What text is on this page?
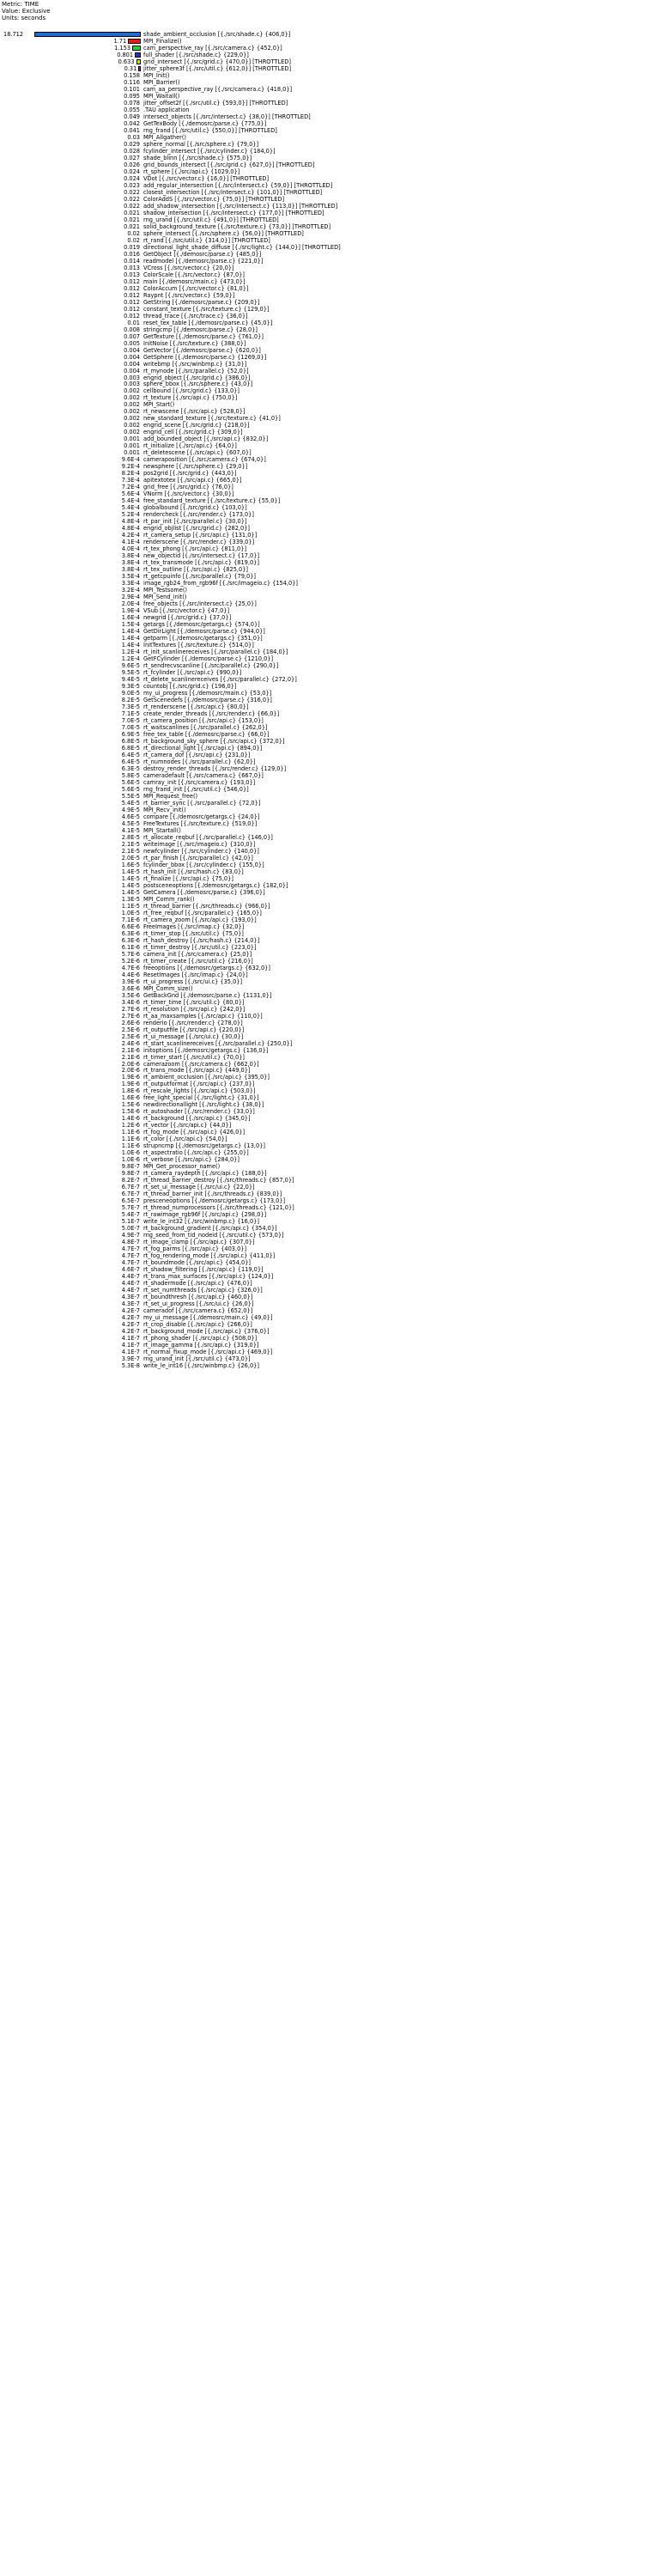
Metric: TIME
Value: Exclusive
Units: seconds
18.712	shade_ambient_occlusion [{./src/shade.c} {406,0}]
1.71	MPI_Finalize()
1.153 cam_perspective_ray [{./src/camera.c} {452,0}]
0.801 full_shader [{./src/shade.c} {229,0}]
0.633 grid_intersect [{./src/grid.c} {470,0}] [THROTTLED]
0.31 jitter_sphere3f [{./src/util.c} {612,0}] [THROTTLED]
0.158 MPI_Init()
0.116 MPI_Barrier()
0.101 cam_aa_perspective_ray [{./src/camera.c} {418,0}]
0.095 MPI_Waitall()
0.078 jitter_offset2f [{./src/util.c} {593,0}] [THROTTLED]
0.055 .TAU application
0.049 intersect_objects [{./src/intersect.c} {38,0}] [THROTTLED]
0.042 GetTexBody [{./demosrc/parse.c} {775,0}]
0.041 rng_frand [{./src/util.c} {550,0}] [THROTTLED]
0.03 MPI_Allgather()
0.029 sphere_normal [{./src/sphere.c} {79,0}]
0.028 fcylinder_intersect [{./src/cylinder.c} {184,0}]
0.027 shade_blinn [{./src/shade.c} {575,0}]
0.026 grid_bounds_intersect [{./src/grid.c} {627,0}] [THROTTLED]
0.024 rt_sphere [{./src/api.c} {1029,0}]
0.024 VDot [{./src/vector.c} {16,0}] [THROTTLED]
0.023 add_regular_intersection [{./src/intersect.c} {59,0}] [THROTTLED]
0.022 closest_intersection [{./src/intersect.c} {101,0}] [THROTTLED]
0.022 ColorAddS [{./src/vector.c} {75,0}] [THROTTLED]
0.022 add_shadow_intersection [{./src/intersect.c} {113,0}] [THROTTLED]
0.021 shadow_intersection [{./src/intersect.c} {177,0}] [THROTTLED]
0.021 rng_urand [{./src/util.c} {491,0}] [THROTTLED]
0.021 solid_background_texture [{./src/texture.c} {73,0}] [THROTTLED]
0.02 sphere_intersect [{./src/sphere.c} {56,0}] [THROTTLED]
0.02 rt_rand [{./src/util.c} {314,0}] [THROTTLED]
0.019 directional_light_shade_diffuse [{./src/light.c} {144,0}] [THROTTLED]
0.016 GetObject [{./demosrc/parse.c} {485,0}]
0.014 readmodel [{./demosrc/parse.c} {221,0}]
0.013 VCross [{./src/vector.c} {20,0}]
0.013 ColorScale [{./src/vector.c} {87,0}]
0.012 main [{./demosrc/main.c} {473,0}]
0.012 ColorAccum [{./src/vector.c} {81,0}]
0.012 Raypnt [{./src/vector.c} {59,0}]
0.012 GetString [{./demosrc/parse.c} {209,0}]
0.012 constant_texture [{./src/texture.c} {129,0}]
0.012 thread_trace [{./src/trace.c} {36,0}]
0.01 reset_tex_table [{./demosrc/parse.c} {45,0}]
0.008 stringcmp [{./demosrc/parse.c} {28,0}]
0.007 GetTexture [{./demosrc/parse.c} {761,0}]
0.005 InitNoise [{./src/texture.c} {388,0}]
0.004 GetVector [{./demosrc/parse.c} {620,0}]
0.004 GetSphere [{./demosrc/parse.c} {1269,0}]
0.004 writebmp [{./src/winbmp.c} {31,0}]
0.004 rt_mynode [{./src/parallel.c} {52,0}]
0.003 engrid_object [{./src/grid.c} {386,0}]
0.003 sphere_bbox [{./src/sphere.c} {43,0}]
0.002 cellbound [{./src/grid.c} {133,0}]
0.002 rt_texture [{./src/api.c} {750,0}]
0.002 MPI_Start()
0.002 rt_newscene [{./src/api.c} {528,0}]
0.002 new_standard_texture [{./src/texture.c} {41,0}]
0.002 engrid_scene [{./src/grid.c} {218,0}]
0.002 engrid_cell [{./src/grid.c} {309,0}]
0.001 add_bounded_object [{./src/api.c} {832,0}]
0.001 rt_initialize [{./src/api.c} {64,0}]
0.001 rt_deletescene [{./src/api.c} {607,0}]
9.6E-4 cameraposition [{./src/camera.c} {674,0}]
9.2E-4 newsphere [{./src/sphere.c} {29,0}]
8.2E-4 pos2grid [{./src/grid.c} {443,0}]
7.3E-4 apitextotex [{./src/api.c} {665,0}]
7.2E-4 grid_free [{./src/grid.c} {76,0}]
5.6E-4 VNorm [{./src/vector.c} {30,0}]
5.4E-4 free_standard_texture [{./src/texture.c} {55,0}]
5.4E-4 globalbound [{./src/grid.c} {103,0}]
5.2E-4 rendercheck [{./src/render.c} {173,0}]
4.8E-4 rt_par_init [{./src/parallel.c} {30,0}]
4.8E-4 engrid_objlist [{./src/grid.c} {282,0}]
4.2E-4 rt_camera_setup [{./src/api.c} {131,0}]
4.1E-4 renderscene [{./src/render.c} {339,0}]
4.0E-4 rt_tex_phong [{./src/api.c} {811,0}]
3.8E-4 new_objectid [{./src/intersect.c} {17,0}]
3.8E-4 rt_tex_transmode [{./src/api.c} {819,0}]
3.8E-4 rt_tex_outline [{./src/api.c} {825,0}]
3.5E-4 rt_getcpuinfo [{./src/parallel.c} {79,0}]
3.3E-4 image_rgb24_from_rgb96f [{./src/imageio.c} {154,0}]
3.2E-4 MPI_Testsome()
2.9E-4 MPI_Send_init()
2.0E-4 free_objects [{./src/intersect.c} {25,0}]
1.9E-4 VSub [{./src/vector.c} {47,0}]
1.6E-4 newgrid [{./src/grid.c} {37,0}]
1.5E-4 getargs [{./demosrc/getargs.c} {574,0}]
1.4E-4 GetDirLight [{./demosrc/parse.c} {944,0}]
1.4E-4 getparm [{./demosrc/getargs.c} {351,0}]
1.4E-4 InitTextures [{./src/texture.c} {514,0}]
1.2E-4 rt_init_scanlinereceives [{./src/parallel.c} {184,0}]
1.2E-4 GetFCylinder [{./demosrc/parse.c} {1210,0}]
9.6E-5 rt_sendrecvscanline [{./src/parallel.c} {290,0}]
9.5E-5 rt_fcylinder [{./src/api.c} {990,0}]
9.4E-5 rt_delete_scanlinereceives [{./src/parallel.c} {272,0}]
9.3E-5 countobj [{./src/grid.c} {196,0}]
9.0E-5 my_ui_progress [{./demosrc/main.c} {53,0}]
8.2E-5 GetScenedefs [{./demosrc/parse.c} {316,0}]
7.3E-5 rt_renderscene [{./src/api.c} {80,0}]
7.1E-5 create_render_threads [{./src/render.c} {66,0}]
7.0E-5 rt_camera_position [{./src/api.c} {153,0}]
7.0E-5 rt_waitscanlines [{./src/parallel.c} {262,0}]
6.9E-5 free_tex_table [{./demosrc/parse.c} {66,0}]
6.8E-5 rt_background_sky_sphere [{./src/api.c} {372,0}]
6.8E-5 rt_directional_light [{./src/api.c} {894,0}]
6.4E-5 rt_camera_dof [{./src/api.c} {231,0}]
6.4E-5 rt_numnodes [{./src/parallel.c} {62,0}]
6.3E-5 destroy_render_threads [{./src/render.c} {129,0}]
5.8E-5 cameradefault [{./src/camera.c} {667,0}]
5.6E-5 camray_init [{./src/camera.c} {193,0}]
5.6E-5 rng_frand_init [{./src/util.c} {546,0}]
5.5E-5 MPI_Request_free()
5.4E-5 rt_barrier_sync [{./src/parallel.c} {72,0}]
4.9E-5 MPI_Recv_init()
4.6E-5 compare [{./demosrc/getargs.c} {24,0}]
4.5E-5 FreeTextures [{./src/texture.c} {519,0}]
4.1E-5 MPI_Startall()
2.8E-5 rt_allocate_reqbuf [{./src/parallel.c} {146,0}]
2.1E-5 writeimage [{./src/imageio.c} {310,0}]
2.1E-5 newfcylinder [{./src/cylinder.c} {140,0}]
2.0E-5 rt_par_finish [{./src/parallel.c} {42,0}]
1.6E-5 fcylinder_bbox [{./src/cylinder.c} {155,0}]
1.4E-5 rt_hash_init [{./src/hash.c} {83,0}]
1.4E-5 rt_finalize [{./src/api.c} {75,0}]
1.4E-5 postsceneoptions [{./demosrc/getargs.c} {182,0}]
1.4E-5 GetCamera [{./demosrc/parse.c} {396,0}]
1.3E-5 MPI_Comm_rank()
1.1E-5 rt_thread_barrier [{./src/threads.c} {966,0}]
1.0E-5 rt_free_reqbuf [{./src/parallel.c} {165,0}]
7.1E-6 rt_camera_zoom [{./src/api.c} {193,0}]
6.6E-6 FreeImages [{./src/imap.c} {32,0}]
6.3E-6 rt_timer_stop [{./src/util.c} {75,0}]
6.3E-6 rt_hash_destroy [{./src/hash.c} {214,0}]
6.1E-6 rt_timer_destroy [{./src/util.c} {223,0}]
5.7E-6 camera_init [{./src/camera.c} {25,0}]
5.2E-6 rt_timer_create [{./src/util.c} {216,0}]
4.7E-6 freeoptions [{./demosrc/getargs.c} {632,0}]
4.4E-6 ResetImages [{./src/imap.c} {24,0}]
3.9E-6 rt_ui_progress [{./src/ui.c} {35,0}]
3.6E-6 MPI_Comm_size()
3.5E-6 GetBackGnd [{./demosrc/parse.c} {1131,0}]
3.4E-6 rt_timer_time [{./src/util.c} {80,0}]
2.7E-6 rt_resolution [{./src/api.c} {242,0}]
2.7E-6 rt_aa_maxsamples [{./src/api.c} {110,0}]
2.6E-6 renderio [{./src/render.c} {278,0}]
2.5E-6 rt_outputfile [{./src/api.c} {220,0}]
2.5E-6 rt_ui_message [{./src/ui.c} {30,0}]
2.4E-6 rt_start_scanlinereceives [{./src/parallel.c} {250,0}]
2.1E-6 initoptions [{./demosrc/getargs.c} {136,0}]
2.1E-6 rt_timer_start [{./src/util.c} {70,0}]
2.0E-6 camerazoom [{./src/camera.c} {662,0}]
2.0E-6 rt_trans_mode [{./src/api.c} {449,0}]
1.9E-6 rt_ambient_occlusion [{./src/api.c} {395,0}]
1.9E-6 rt_outputformat [{./src/api.c} {237,0}]
1.8E-6 rt_rescale_lights [{./src/api.c} {503,0}]
1.6E-6 free_light_special [{./src/light.c} {31,0}]
1.5E-6 newdirectionallight [{./src/light.c} {38,0}]
1.5E-6 rt_autoshader [{./src/render.c} {33,0}]
1.4E-6 rt_background [{./src/api.c} {345,0}]
1.2E-6 rt_vector [{./src/api.c} {44,0}]
1.1E-6 rt_fog_mode [{./src/api.c} {426,0}]
1.1E-6 rt_color [{./src/api.c} {54,0}]
1.1E-6 strupncmp [{./demosrc/getargs.c} {13,0}]
1.0E-6 rt_aspectratio [{./src/api.c} {255,0}]
1.0E-6 rt_verbose [{./src/api.c} {284,0}]
9.8E-7 MPI_Get_processor_name()
9.8E-7 rt_camera_raydepth [{./src/api.c} {188,0}]
8.2E-7 rt_thread_barrier_destroy [{./src/threads.c} {857,0}]
6.7E-7 rt_set_ui_message [{./src/ui.c} {22,0}]
6.7E-7 rt_thread_barrier_init [{./src/threads.c} {839,0}]
6.5E-7 presceneoptions [{./demosrc/getargs.c} {173,0}]
5.7E-7 rt_thread_numprocessors [{./src/threads.c} {121,0}]
5.4E-7 rt_rawimage_rgb96f [{./src/api.c} {298,0}]
5.1E-7 write_le_int32 [{./src/winbmp.c} {16,0}]
5.0E-7 rt_background_gradient [{./src/api.c} {354,0}]
4.9E-7 rng_seed_from_tid_nodeid [{./src/util.c} {573,0}]
4.8E-7 rt_image_clamp [{./src/api.c} {307,0}]
4.7E-7 rt_fog_parms [{./src/api.c} {403,0}]
4.7E-7 rt_fog_rendering_mode [{./src/api.c} {411,0}]
4.7E-7 rt_boundmode [{./src/api.c} {454,0}]
4.6E-7 rt_shadow_filtering [{./src/api.c} {119,0}]
4.4E-7 rt_trans_max_surfaces [{./src/api.c} {124,0}]
4.4E-7 rt_shadermode [{./src/api.c} {476,0}]
4.4E-7 rt_set_numthreads [{./src/api.c} {326,0}]
4.3E-7 rt_boundthresh [{./src/api.c} {460,0}]
4.3E-7 rt_set_ui_progress [{./src/ui.c} {26,0}]
4.2E-7 cameradof [{./src/camera.c} {652,0}]
4.2E-7 my_ui_message [{./demosrc/main.c} {49,0}]
4.2E-7 rt_crop_disable [{./src/api.c} {266,0}]
4.2E-7 rt_background_mode [{./src/api.c} {376,0}]
4.1E-7 rt_phong_shader [{./src/api.c} {508,0}]
4.1E-7 rt_image_gamma [{./src/api.c} {319,0}]
4.1E-7 rt_normal_fixup_mode [{./src/api.c} {469,0}]
3.9E-7 rng_urand_init [{./src/util.c} {473,0}]
5.3E-8 write_le_int16 [{./src/winbmp.c} {26,0}]
